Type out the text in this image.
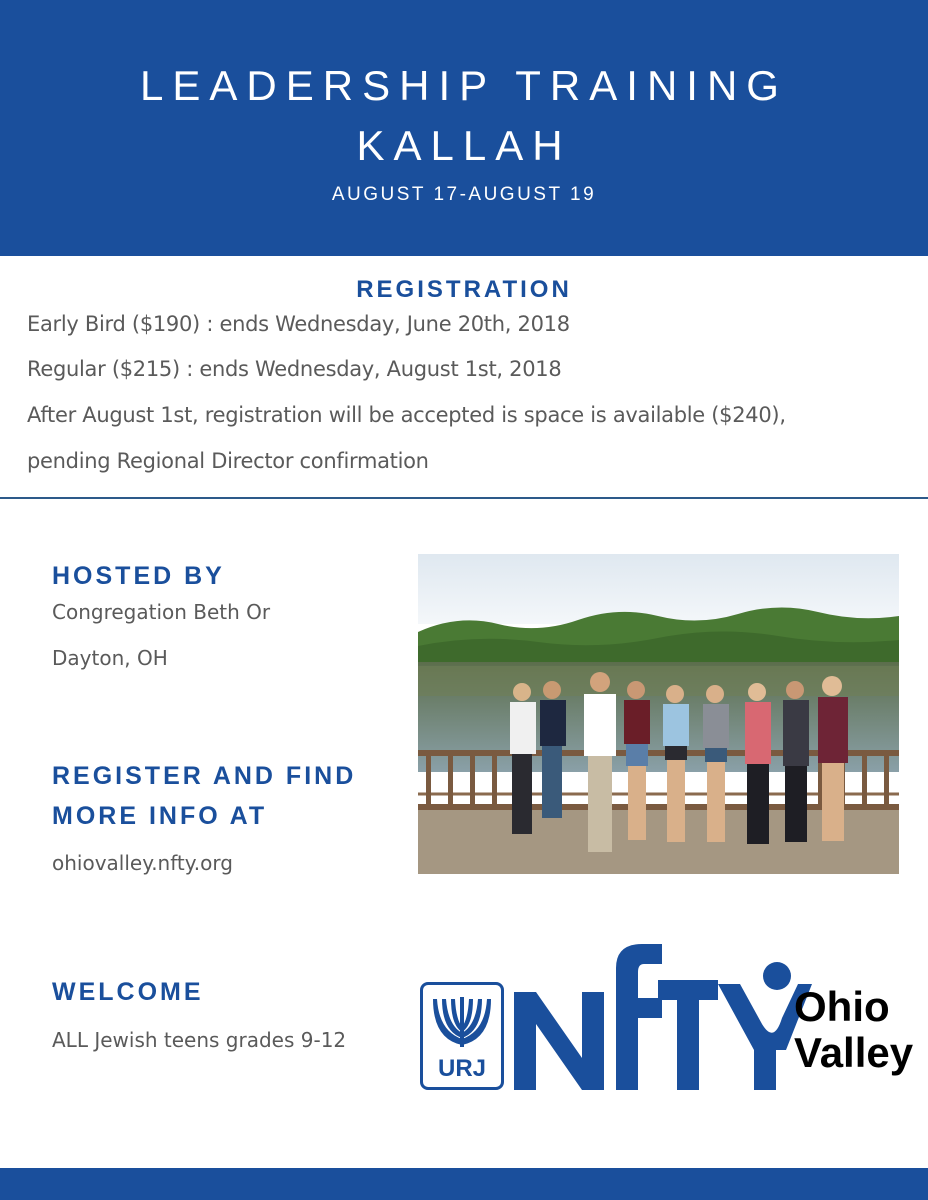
LEADERSHIP TRAINING
KALLAH
AUGUST 17-AUGUST 19
REGISTRATION
Early Bird ($190) : ends Wednesday, June 20th, 2018
Regular ($215) : ends Wednesday, August 1st, 2018
After August 1st, registration will be accepted is space is available ($240),
pending Regional Director confirmation
HOSTED BY
Congregation Beth Or
Dayton, OH
REGISTER AND FIND
MORE INFO AT
ohiovalley.nfty.org
WELCOME
ALL Jewish teens grades 9-12
URJ
Ohio
Valley
